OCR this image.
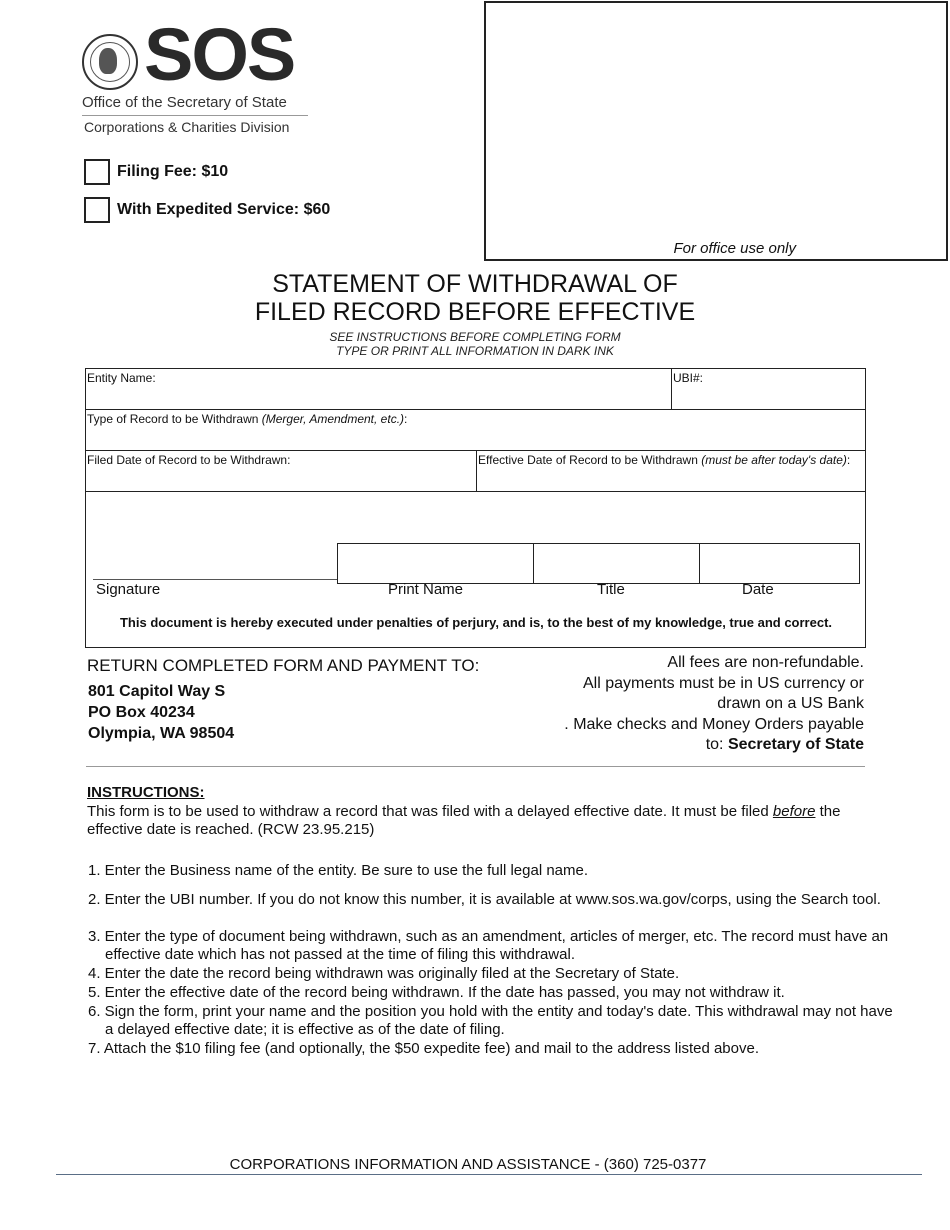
SOS
Office of the Secretary of State
Corporations & Charities Division
Filing Fee: $10
With Expedited Service: $60
For office use only
STATEMENT OF WITHDRAWAL OF
FILED RECORD BEFORE EFFECTIVE
SEE INSTRUCTIONS BEFORE COMPLETING FORM
TYPE OR PRINT ALL INFORMATION IN DARK INK
Entity Name:	UBI#:
Type of Record to be Withdrawn (Merger, Amendment, etc.):
Filed Date of Record to be Withdrawn:	Effective Date of Record to be Withdrawn (must be after today's date):
Signature	Print Name	Title	Date
This document is hereby executed under penalties of perjury, and is, to the best of my knowledge, true and correct.
RETURN COMPLETED FORM AND PAYMENT TO:
801 Capitol Way S
PO Box 40234
Olympia, WA 98504
All fees are non-refundable.
All payments must be in US currency or
drawn on a US Bank
. Make checks and Money Orders payable
to: Secretary of State
INSTRUCTIONS:
This form is to be used to withdraw a record that was filed with a delayed effective date. It must be filed before the effective date is reached. (RCW 23.95.215)
1. Enter the Business name of the entity. Be sure to use the full legal name.
2. Enter the UBI number. If you do not know this number, it is available at www.sos.wa.gov/corps, using the Search tool.
3. Enter the type of document being withdrawn, such as an amendment, articles of merger, etc. The record must have an effective date which has not passed at the time of filing this withdrawal.
4. Enter the date the record being withdrawn was originally filed at the Secretary of State.
5. Enter the effective date of the record being withdrawn. If the date has passed, you may not withdraw it.
6. Sign the form, print your name and the position you hold with the entity and today's date. This withdrawal may not have a delayed effective date; it is effective as of the date of filing.
7. Attach the $10 filing fee (and optionally, the $50 expedite fee) and mail to the address listed above.
CORPORATIONS INFORMATION AND ASSISTANCE - (360) 725-0377
